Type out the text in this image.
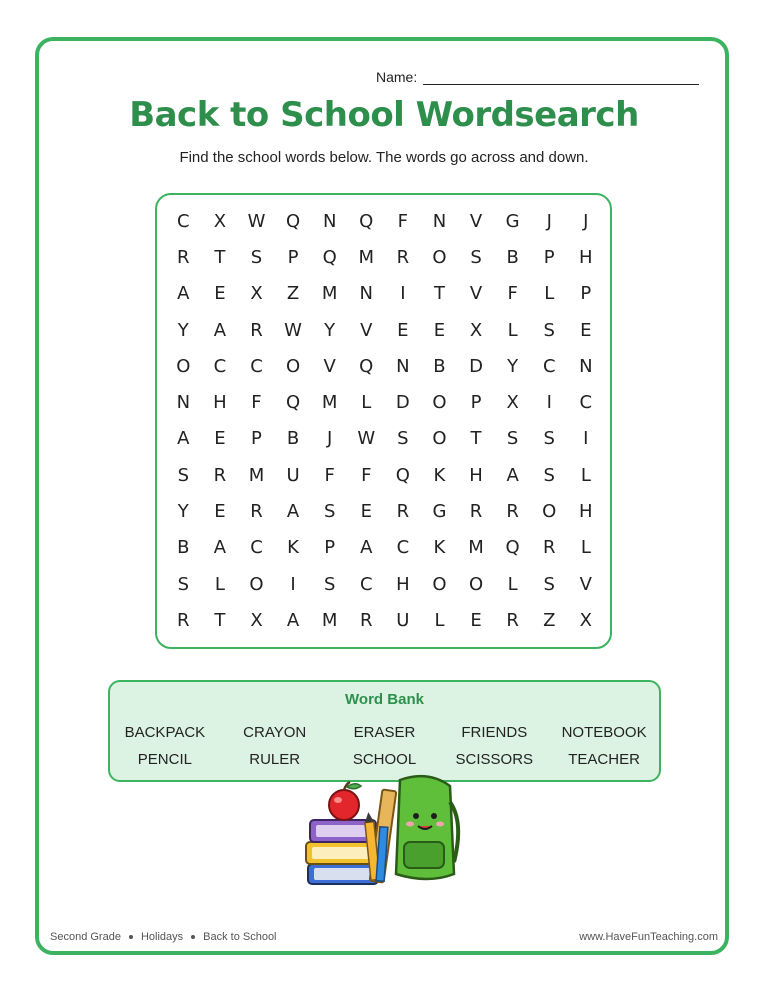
Name:
Back to School Wordsearch
Find the school words below. The words go across and down.
C	X	W	Q	N	Q	F	N	V	G	J	J
R	T	S	P	Q	M	R	O	S	B	P	H
A	E	X	Z	M	N	I	T	V	F	L	P
Y	A	R	W	Y	V	E	E	X	L	S	E
O	C	C	O	V	Q	N	B	D	Y	C	N
N	H	F	Q	M	L	D	O	P	X	I	C
A	E	P	B	J	W	S	O	T	S	S	I
S	R	M	U	F	F	Q	K	H	A	S	L
Y	E	R	A	S	E	R	G	R	R	O	H
B	A	C	K	P	A	C	K	M	Q	R	L
S	L	O	I	S	C	H	O	O	L	S	V
R	T	X	A	M	R	U	L	E	R	Z	X
Word Bank
BACKPACK	CRAYON	ERASER	FRIENDS	NOTEBOOK
PENCIL	RULER	SCHOOL	SCISSORS	TEACHER
Second Grade Holidays Back to School	www.HaveFunTeaching.com
